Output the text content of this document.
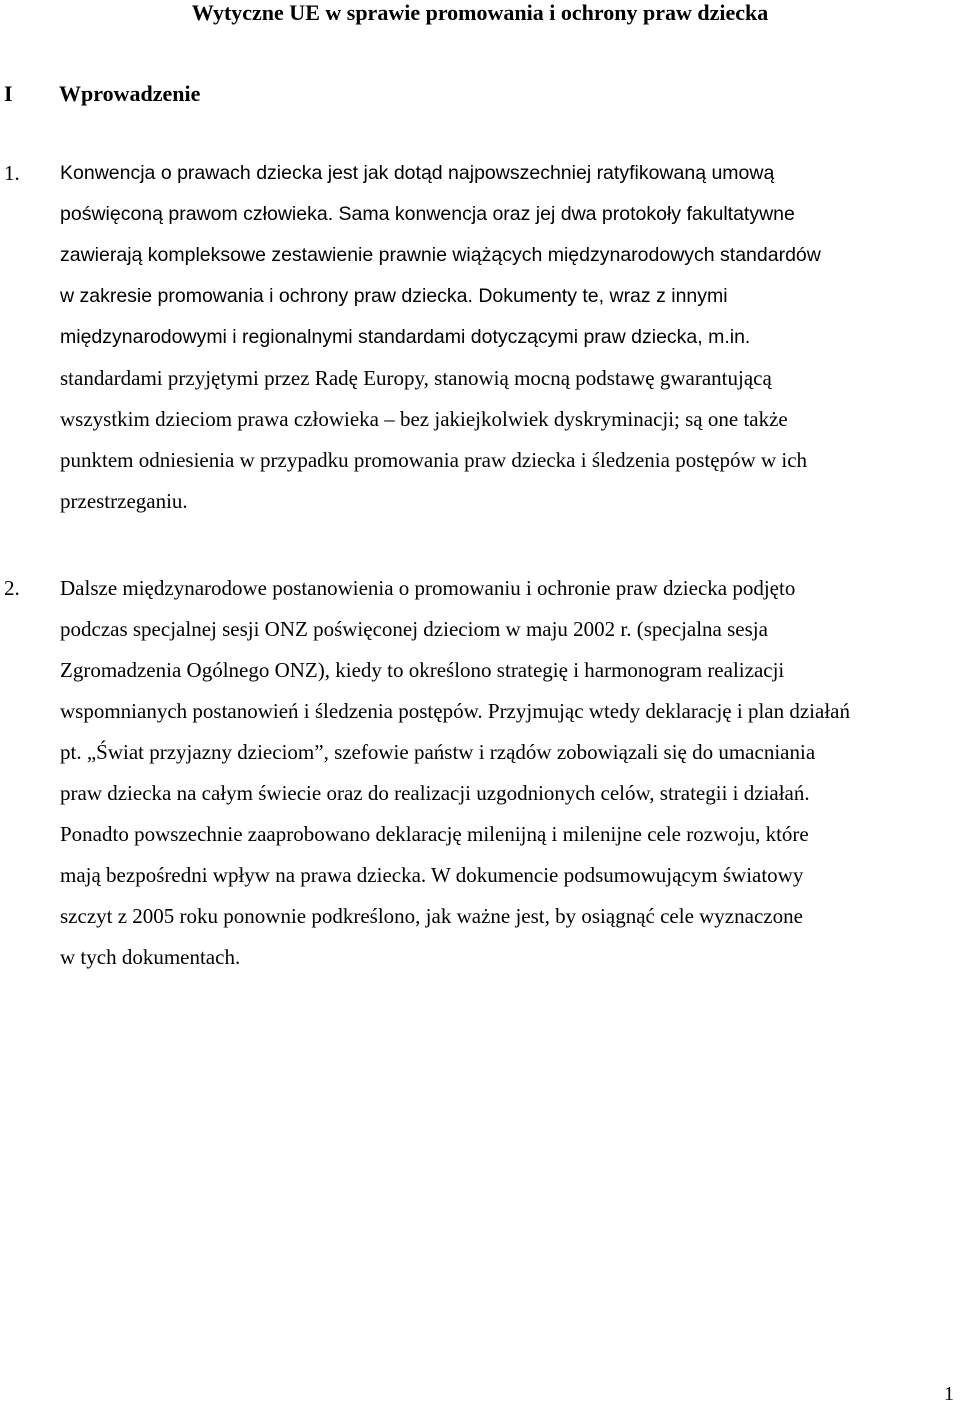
Wytyczne UE w sprawie promowania i ochrony praw dziecka
I Wprowadzenie
1.	Konwencja o prawach dziecka jest jak dotąd najpowszechniej ratyfikowaną umową
poświęconą prawom człowieka. Sama konwencja oraz jej dwa protokoły fakultatywne
zawierają kompleksowe zestawienie prawnie wiążących międzynarodowych standardów
w zakresie promowania i ochrony praw dziecka. Dokumenty te, wraz z innymi
międzynarodowymi i regionalnymi standardami dotyczącymi praw dziecka, m.in.
standardami przyjętymi przez Radę Europy, stanowią mocną podstawę gwarantującą
wszystkim dzieciom prawa człowieka – bez jakiejkolwiek dyskryminacji; są one także
punktem odniesienia w przypadku promowania praw dziecka i śledzenia postępów w ich
przestrzeganiu.
2.	Dalsze międzynarodowe postanowienia o promowaniu i ochronie praw dziecka podjęto
podczas specjalnej sesji ONZ poświęconej dzieciom w maju 2002 r. (specjalna sesja
Zgromadzenia Ogólnego ONZ), kiedy to określono strategię i harmonogram realizacji
wspomnianych postanowień i śledzenia postępów. Przyjmując wtedy deklarację i plan działań
pt. „Świat przyjazny dzieciom”, szefowie państw i rządów zobowiązali się do umacniania
praw dziecka na całym świecie oraz do realizacji uzgodnionych celów, strategii i działań.
Ponadto powszechnie zaaprobowano deklarację milenijną i milenijne cele rozwoju, które
mają bezpośredni wpływ na prawa dziecka. W dokumencie podsumowującym światowy
szczyt z 2005 roku ponownie podkreślono, jak ważne jest, by osiągnąć cele wyznaczone
w tych dokumentach.
1
